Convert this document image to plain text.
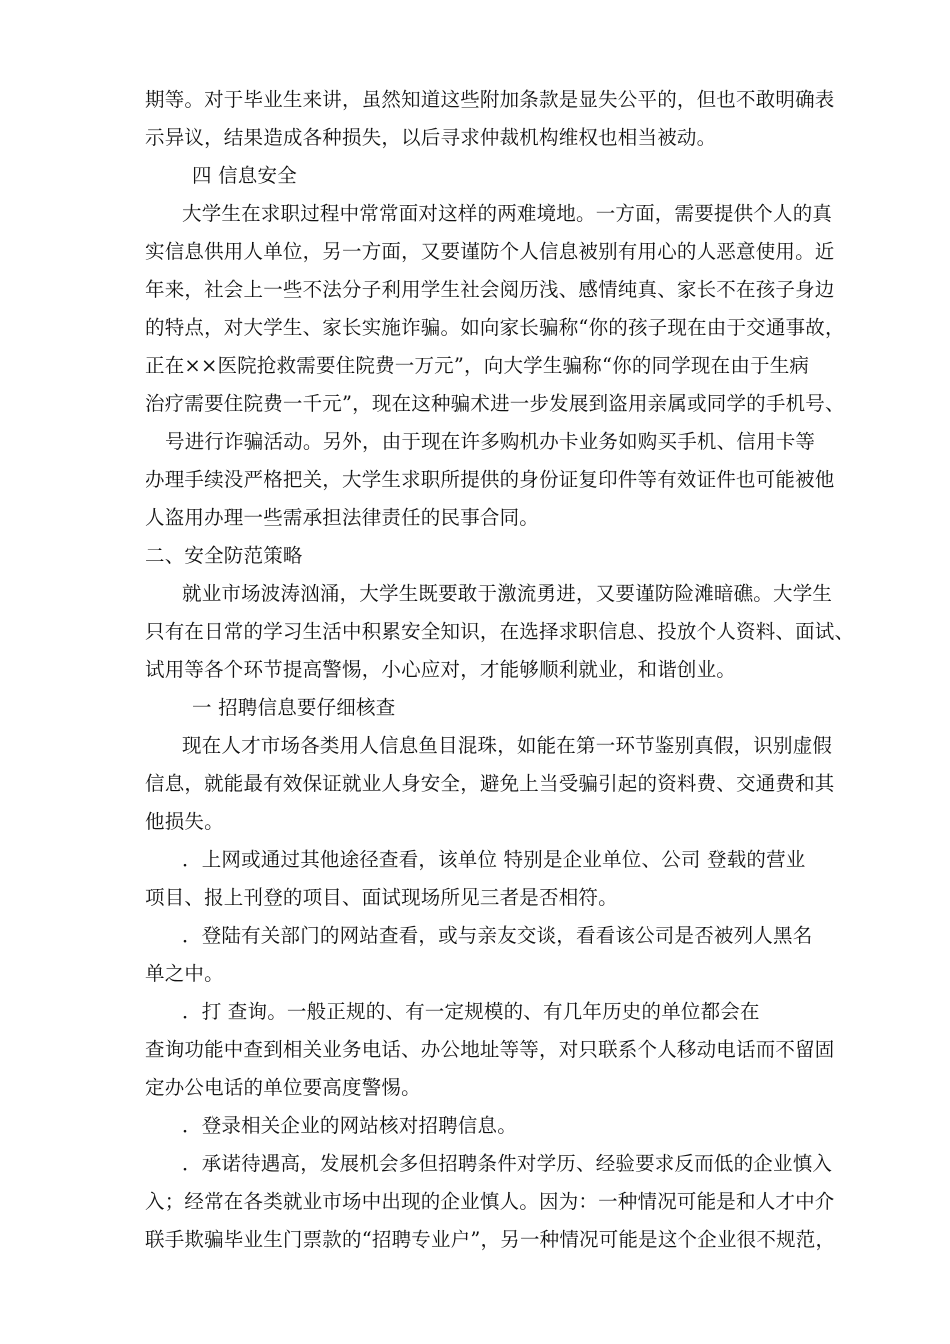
期等。对于毕业生来讲，虽然知道这些附加条款是显失公平的，但也不敢明确表
示异议，结果造成各种损失，以后寻求仲裁机构维权也相当被动。
四 信息安全
大学生在求职过程中常常面对这样的两难境地。一方面，需要提供个人的真
实信息供用人单位，另一方面，又要谨防个人信息被别有用心的人恶意使用。近
年来，社会上一些不法分子利用学生社会阅历浅、感情纯真、家长不在孩子身边
的特点，对大学生、家长实施诈骗。如向家长骗称“你的孩子现在由于交通事故，
正在××医院抢救需要住院费一万元”，向大学生骗称“你的同学现在由于生病
治疗需要住院费一千元”，现在这种骗术进一步发展到盗用亲属或同学的手机号、
号进行诈骗活动。另外，由于现在许多购机办卡业务如购买手机、信用卡等
办理手续没严格把关，大学生求职所提供的身份证复印件等有效证件也可能被他
人盗用办理一些需承担法律责任的民事合同。
二、安全防范策略
就业市场波涛汹涌，大学生既要敢于激流勇进，又要谨防险滩暗礁。大学生
只有在日常的学习生活中积累安全知识，在选择求职信息、投放个人资料、面试、
试用等各个环节提高警惕，小心应对，才能够顺利就业，和谐创业。
一 招聘信息要仔细核查
现在人才市场各类用人信息鱼目混珠，如能在第一环节鉴别真假，识别虚假
信息，就能最有效保证就业人身安全，避免上当受骗引起的资料费、交通费和其
他损失。
．上网或通过其他途径查看，该单位 特别是企业单位、公司 登载的营业
项目、报上刊登的项目、面试现场所见三者是否相符。
．登陆有关部门的网站查看，或与亲友交谈，看看该公司是否被列人黑名
单之中。
．打 查询。一般正规的、有一定规模的、有几年历史的单位都会在
查询功能中查到相关业务电话、办公地址等等，对只联系个人移动电话而不留固
定办公电话的单位要高度警惕。
．登录相关企业的网站核对招聘信息。
．承诺待遇高，发展机会多但招聘条件对学历、经验要求反而低的企业慎入
入；经常在各类就业市场中出现的企业慎人。因为：一种情况可能是和人才中介
联手欺骗毕业生门票款的“招聘专业户”，另一种情况可能是这个企业很不规范，
